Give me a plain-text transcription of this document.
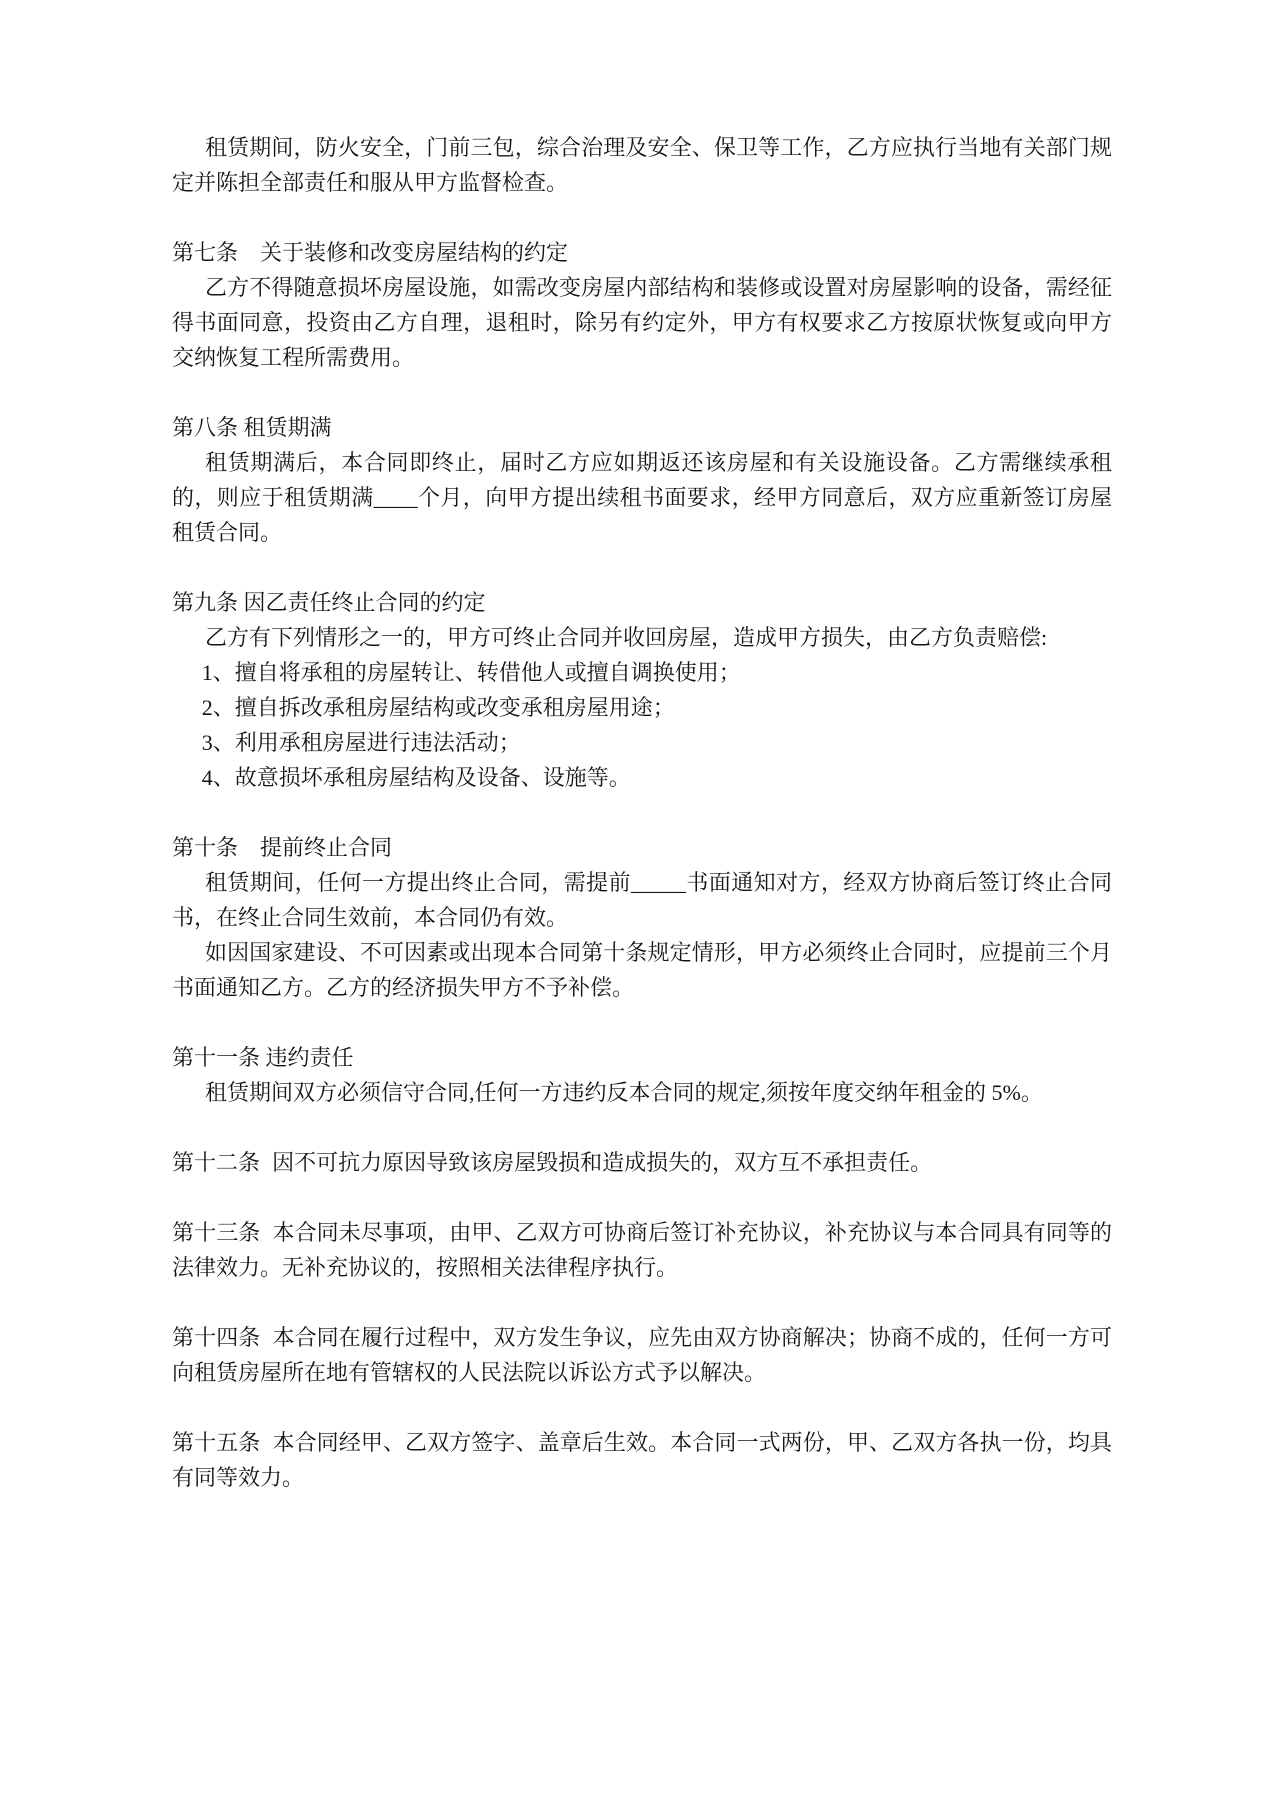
租赁期间，防火安全，门前三包，综合治理及安全、保卫等工作，乙方应执行当地有关部门规定并陈担全部责任和服从甲方监督检查。

第七条　关于装修和改变房屋结构的约定

乙方不得随意损坏房屋设施，如需改变房屋内部结构和装修或设置对房屋影响的设备，需经征得书面同意，投资由乙方自理，退租时，除另有约定外，甲方有权要求乙方按原状恢复或向甲方交纳恢复工程所需费用。

第八条 租赁期满

租赁期满后，本合同即终止，届时乙方应如期返还该房屋和有关设施设备。乙方需继续承租的，则应于租赁期满____个月，向甲方提出续租书面要求，经甲方同意后，双方应重新签订房屋租赁合同。

第九条 因乙责任终止合同的约定

乙方有下列情形之一的，甲方可终止合同并收回房屋，造成甲方损失，由乙方负责赔偿:

1、擅自将承租的房屋转让、转借他人或擅自调换使用；

2、擅自拆改承租房屋结构或改变承租房屋用途；

3、利用承租房屋进行违法活动；

4、故意损坏承租房屋结构及设备、设施等。

第十条　提前终止合同

租赁期间，任何一方提出终止合同，需提前_____书面通知对方，经双方协商后签订终止合同书，在终止合同生效前，本合同仍有效。

如因国家建设、不可因素或出现本合同第十条规定情形，甲方必须终止合同时，应提前三个月书面通知乙方。乙方的经济损失甲方不予补偿。

第十一条 违约责任

租赁期间双方必须信守合同,任何一方违约反本合同的规定,须按年度交纳年租金的 5%。

第十二条 因不可抗力原因导致该房屋毁损和造成损失的，双方互不承担责任。

第十三条 本合同未尽事项，由甲、乙双方可协商后签订补充协议，补充协议与本合同具有同等的法律效力。无补充协议的，按照相关法律程序执行。

第十四条 本合同在履行过程中，双方发生争议，应先由双方协商解决；协商不成的，任何一方可向租赁房屋所在地有管辖权的人民法院以诉讼方式予以解决。

第十五条 本合同经甲、乙双方签字、盖章后生效。本合同一式两份，甲、乙双方各执一份，均具有同等效力。
